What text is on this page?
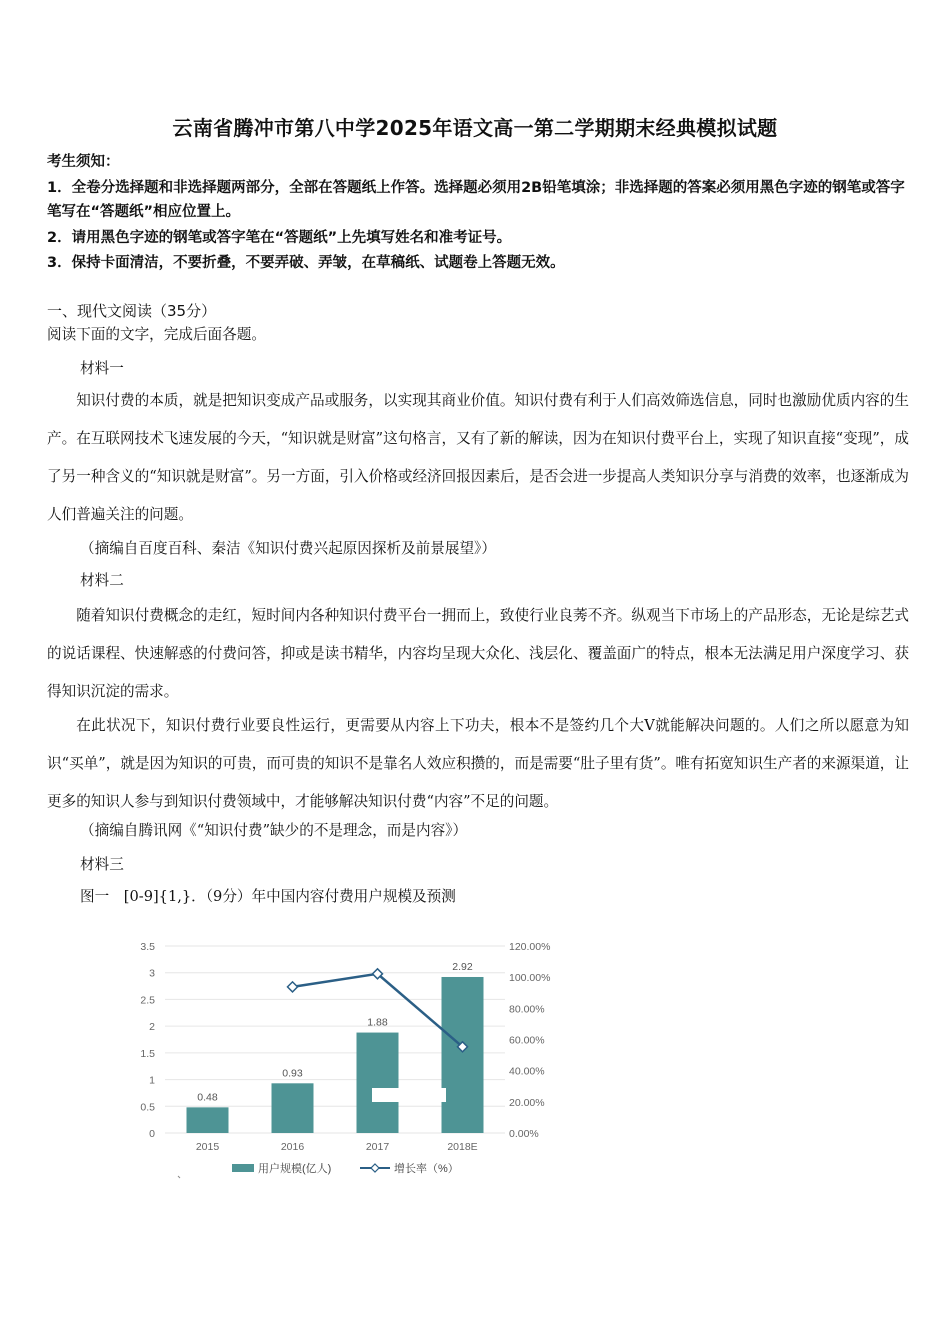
云南省腾冲市第八中学2025年语文高一第二学期期末经典模拟试题
考生须知：
1．全卷分选择题和非选择题两部分，全部在答题纸上作答。选择题必须用2B铅笔填涂；非选择题的答案必须用黑色字迹的钢笔或答字笔写在“答题纸”相应位置上。
2．请用黑色字迹的钢笔或答字笔在“答题纸”上先填写姓名和准考证号。
3．保持卡面清洁，不要折叠，不要弄破、弄皱，在草稿纸、试题卷上答题无效。
一、现代文阅读（35分）
阅读下面的文字，完成后面各题。
材料一
知识付费的本质，就是把知识变成产品或服务，以实现其商业价值。知识付费有利于人们高效筛选信息，同时也激励优质内容的生产。在互联网技术飞速发展的今天，“知识就是财富”这句格言，又有了新的解读，因为在知识付费平台上，实现了知识直接“变现”，成了另一种含义的“知识就是财富”。另一方面，引入价格或经济回报因素后，是否会进一步提高人类知识分享与消费的效率，也逐渐成为人们普遍关注的问题。
（摘编自百度百科、秦洁《知识付费兴起原因探析及前景展望》）
材料二
随着知识付费概念的走红，短时间内各种知识付费平台一拥而上，致使行业良莠不齐。纵观当下市场上的产品形态，无论是综艺式的说话课程、快速解惑的付费问答，抑或是读书精华，内容均呈现大众化、浅层化、覆盖面广的特点，根本无法满足用户深度学习、获得知识沉淀的需求。
在此状况下，知识付费行业要良性运行，更需要从内容上下功夫，根本不是签约几个大V就能解决问题的。人们之所以愿意为知识“买单”，就是因为知识的可贵，而可贵的知识不是靠名人效应积攒的，而是需要“肚子里有货”。唯有拓宽知识生产者的来源渠道，让更多的知识人参与到知识付费领域中，才能够解决知识付费“内容”不足的问题。
（摘编自腾讯网《“知识付费”缺少的不是理念，而是内容》）
材料三
图一　[0-9]{1,}．（9分）年中国内容付费用户规模及预测
0.48
0.93
1.88
2.92
0
0.5
1
1.5
2
2.5
3
3.5
0.00%
20.00%
40.00%
60.00%
80.00%
100.00%
120.00%
2015	2016	2017	2018E
用户规模(亿人)	增长率（%）
